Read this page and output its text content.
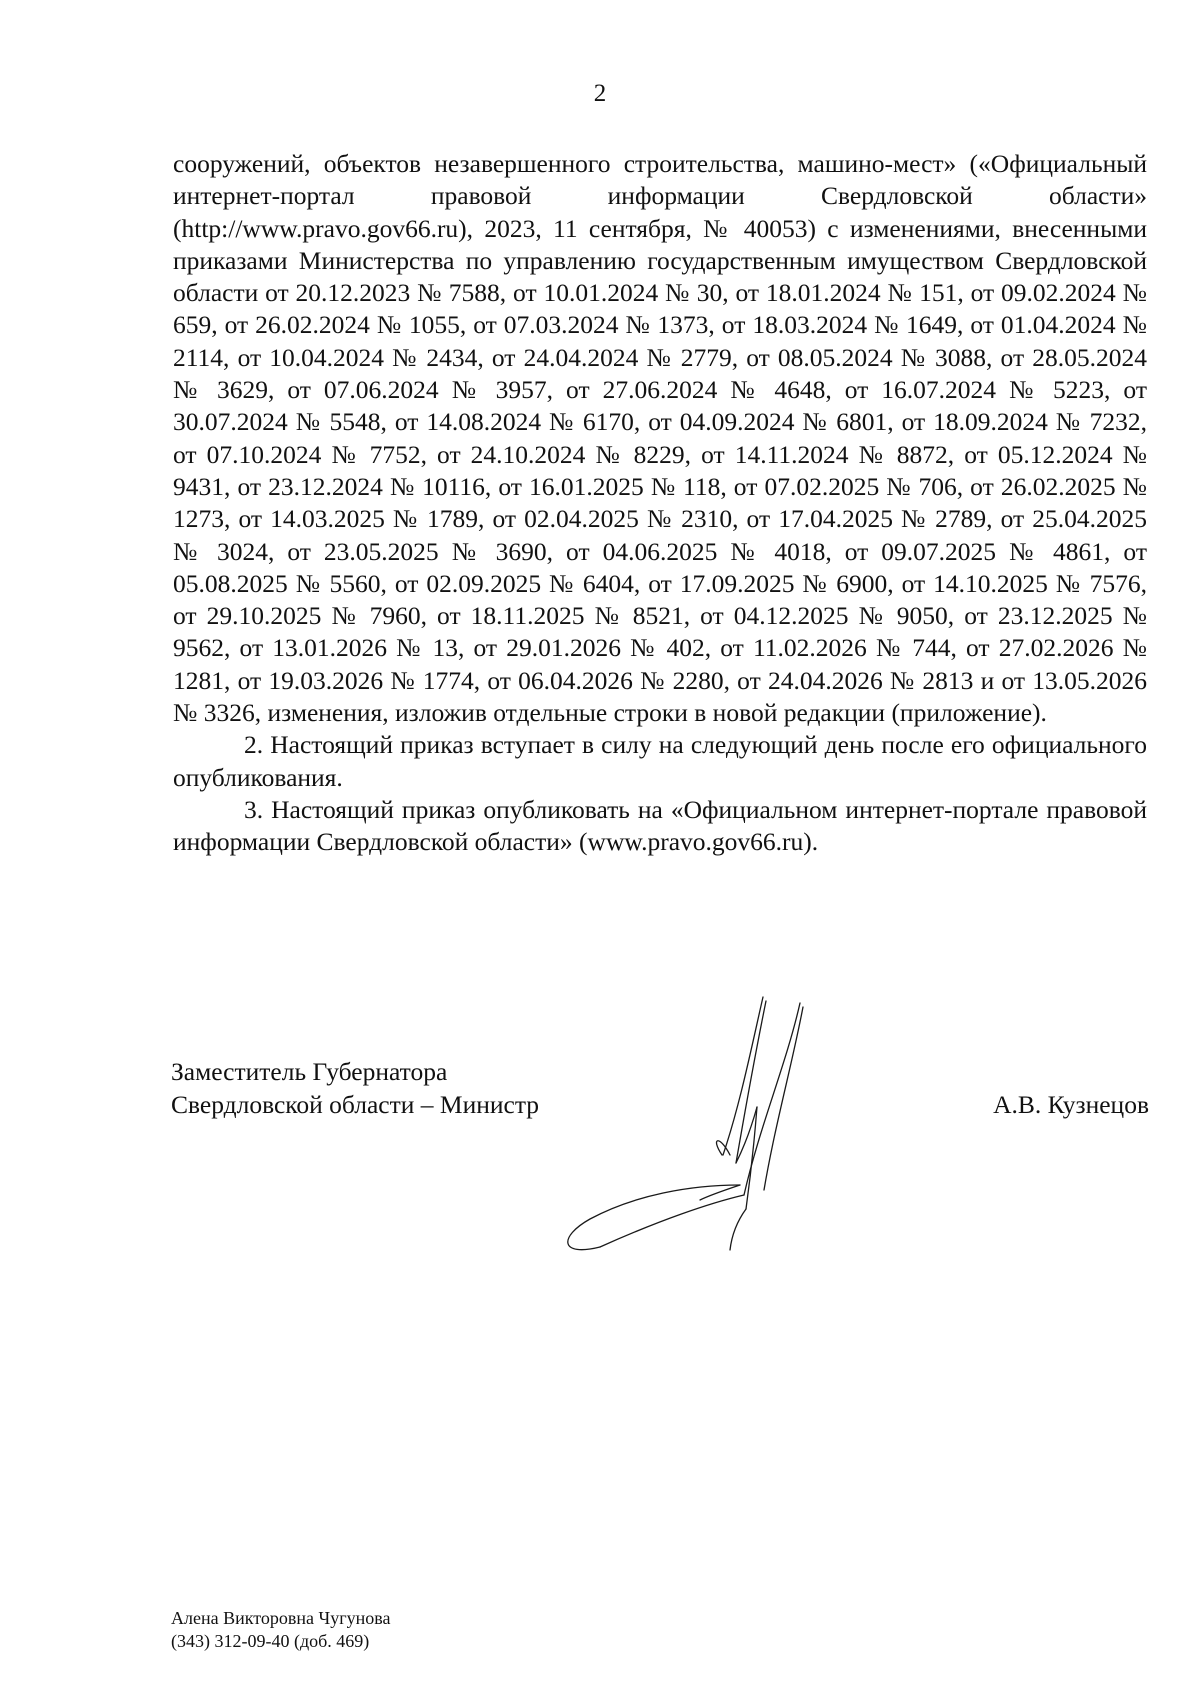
2

сооружений, объектов незавершенного строительства, машино-мест» («Официальный интернет-портал правовой информации Свердловской области» (http://www.pravo.gov66.ru), 2023, 11 сентября, № 40053) с изменениями, внесенными приказами Министерства по управлению государственным имуществом Свердловской области от 20.12.2023 № 7588, от 10.01.2024 № 30, от 18.01.2024 № 151, от 09.02.2024 № 659, от 26.02.2024 № 1055, от 07.03.2024 № 1373, от 18.03.2024 № 1649, от 01.04.2024 № 2114, от 10.04.2024 № 2434, от 24.04.2024 № 2779, от 08.05.2024 № 3088, от 28.05.2024 № 3629, от 07.06.2024 № 3957, от 27.06.2024 № 4648, от 16.07.2024 № 5223, от 30.07.2024 № 5548, от 14.08.2024 № 6170, от 04.09.2024 № 6801, от 18.09.2024 № 7232, от 07.10.2024 № 7752, от 24.10.2024 № 8229, от 14.11.2024 № 8872, от 05.12.2024 № 9431, от 23.12.2024 № 10116, от 16.01.2025 № 118, от 07.02.2025 № 706, от 26.02.2025 № 1273, от 14.03.2025 № 1789, от 02.04.2025 № 2310, от 17.04.2025 № 2789, от 25.04.2025 № 3024, от 23.05.2025 № 3690, от 04.06.2025 № 4018, от 09.07.2025 № 4861, от 05.08.2025 № 5560, от 02.09.2025 № 6404, от 17.09.2025 № 6900, от 14.10.2025 № 7576, от 29.10.2025 № 7960, от 18.11.2025 № 8521, от 04.12.2025 № 9050, от 23.12.2025 № 9562, от 13.01.2026 № 13, от 29.01.2026 № 402, от 11.02.2026 № 744, от 27.02.2026 № 1281, от 19.03.2026 № 1774, от 06.04.2026 № 2280, от 24.04.2026 № 2813 и от 13.05.2026 № 3326, изменения, изложив отдельные строки в новой редакции (приложение).

2. Настоящий приказ вступает в силу на следующий день после его официального опубликования.

3. Настоящий приказ опубликовать на «Официальном интернет-портале правовой информации Свердловской области» (www.pravo.gov66.ru).

Заместитель Губернатора
Свердловской области – Министр	А.В. Кузнецов
Алена Викторовна Чугунова
(343) 312-09-40 (доб. 469)
